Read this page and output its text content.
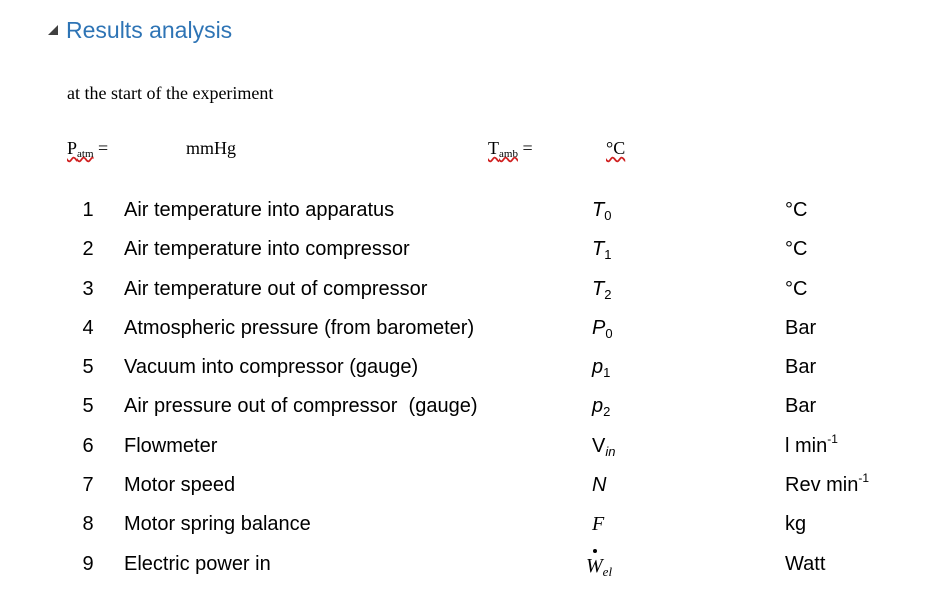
Results analysis
at the start of the experiment
$P_{atm}$ =	mmHg	$T_{amb}$ =	°C
1 Air temperature into apparatus	$T_0$	°C
2 Air temperature into compressor	$T_1$	°C
3 Air temperature out of compressor	$T_2$	°C
4 Atmospheric pressure (from barometer)	$P_0$	Bar
5 Vacuum into compressor (gauge)	$p_1$	Bar
5 Air pressure out of compressor  (gauge)	$p_2$	Bar
6 Flowmeter	$V_{in}$	l $\min^{-1}$
7 Motor speed	N	Rev $\min^{-1}$
8 Motor spring balance	F	kg
9 Electric power in	$W_{el}$	Watt
